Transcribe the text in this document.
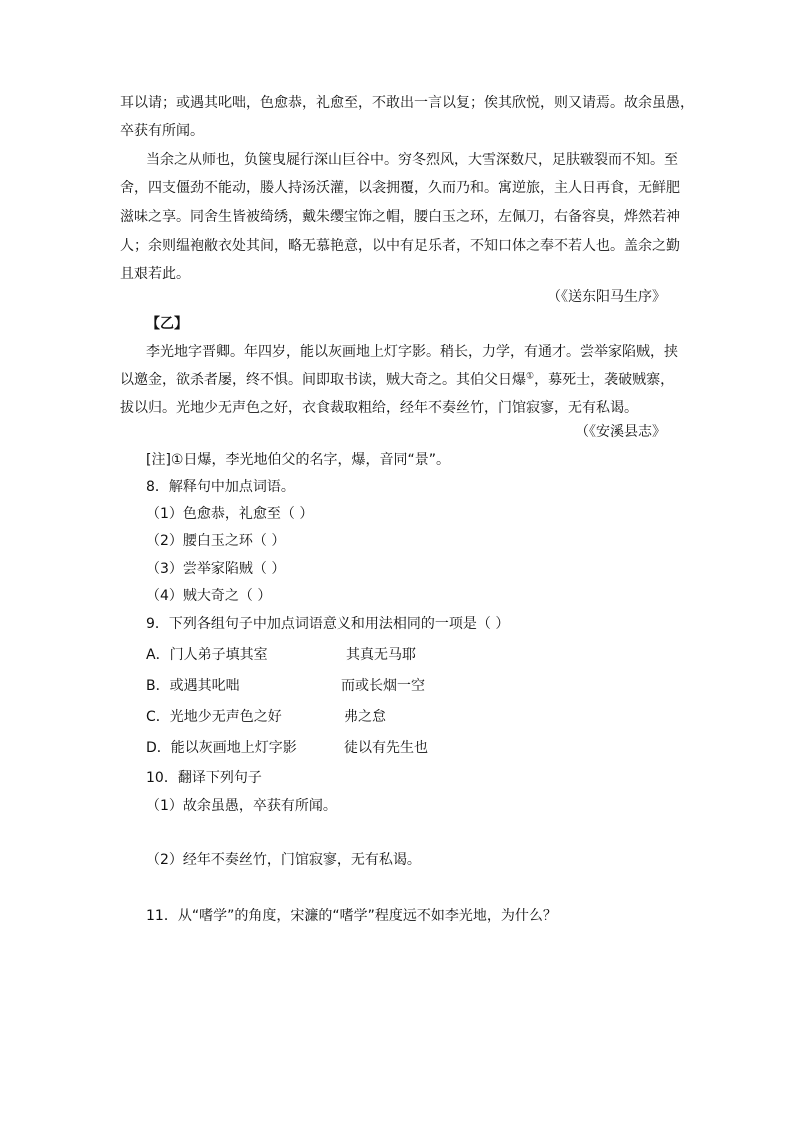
耳以请；或遇其叱咄，色愈恭，礼愈至，不敢出一言以复；俟其欣悦，则又请焉。故余虽愚，
卒获有所闻。
当余之从师也，负箧曳屣行深山巨谷中。穷冬烈风，大雪深数尺，足肤皲裂而不知。至
舍，四支僵劲不能动，媵人持汤沃灌，以衾拥覆，久而乃和。寓逆旅，主人日再食，无鲜肥
滋味之享。同舍生皆被绮绣，戴朱缨宝饰之帽，腰白玉之环，左佩刀，右备容臭，烨然若神
人；余则缊袍敝衣处其间，略无慕艳意，以中有足乐者，不知口体之奉不若人也。盖余之勤
且艰若此。
（《送东阳马生序》
【乙】
李光地字晋卿。年四岁，能以灰画地上灯字影。稍长，力学，有通才。尝举家陷贼，挟
以邀金，欲杀者屡，终不惧。间即取书读，贼大奇之。其伯父日爆①，募死士，袭破贼寨，
拔以归。光地少无声色之好，衣食裁取粗给，经年不奏丝竹，门馆寂寥，无有私谒。
（《安溪县志》
[注]①日爆，李光地伯父的名字，爆，音同“景”。
8．解释句中加点词语。
（1）色愈恭，礼愈至（ ）
（2）腰白玉之环（ ）
（3）尝举家陷贼（ ）
（4）贼大奇之（ ）
9．下列各组句子中加点词语意义和用法相同的一项是（ ）
A．门人弟子填其室	其真无马耶
B．或遇其叱咄	而或长烟一空
C．光地少无声色之好	弗之怠
D．能以灰画地上灯字影	徒以有先生也
10．翻译下列句子
（1）故余虽愚，卒获有所闻。
（2）经年不奏丝竹，门馆寂寥，无有私谒。
11．从“嗜学”的角度，宋濂的“嗜学”程度远不如李光地，为什么？
